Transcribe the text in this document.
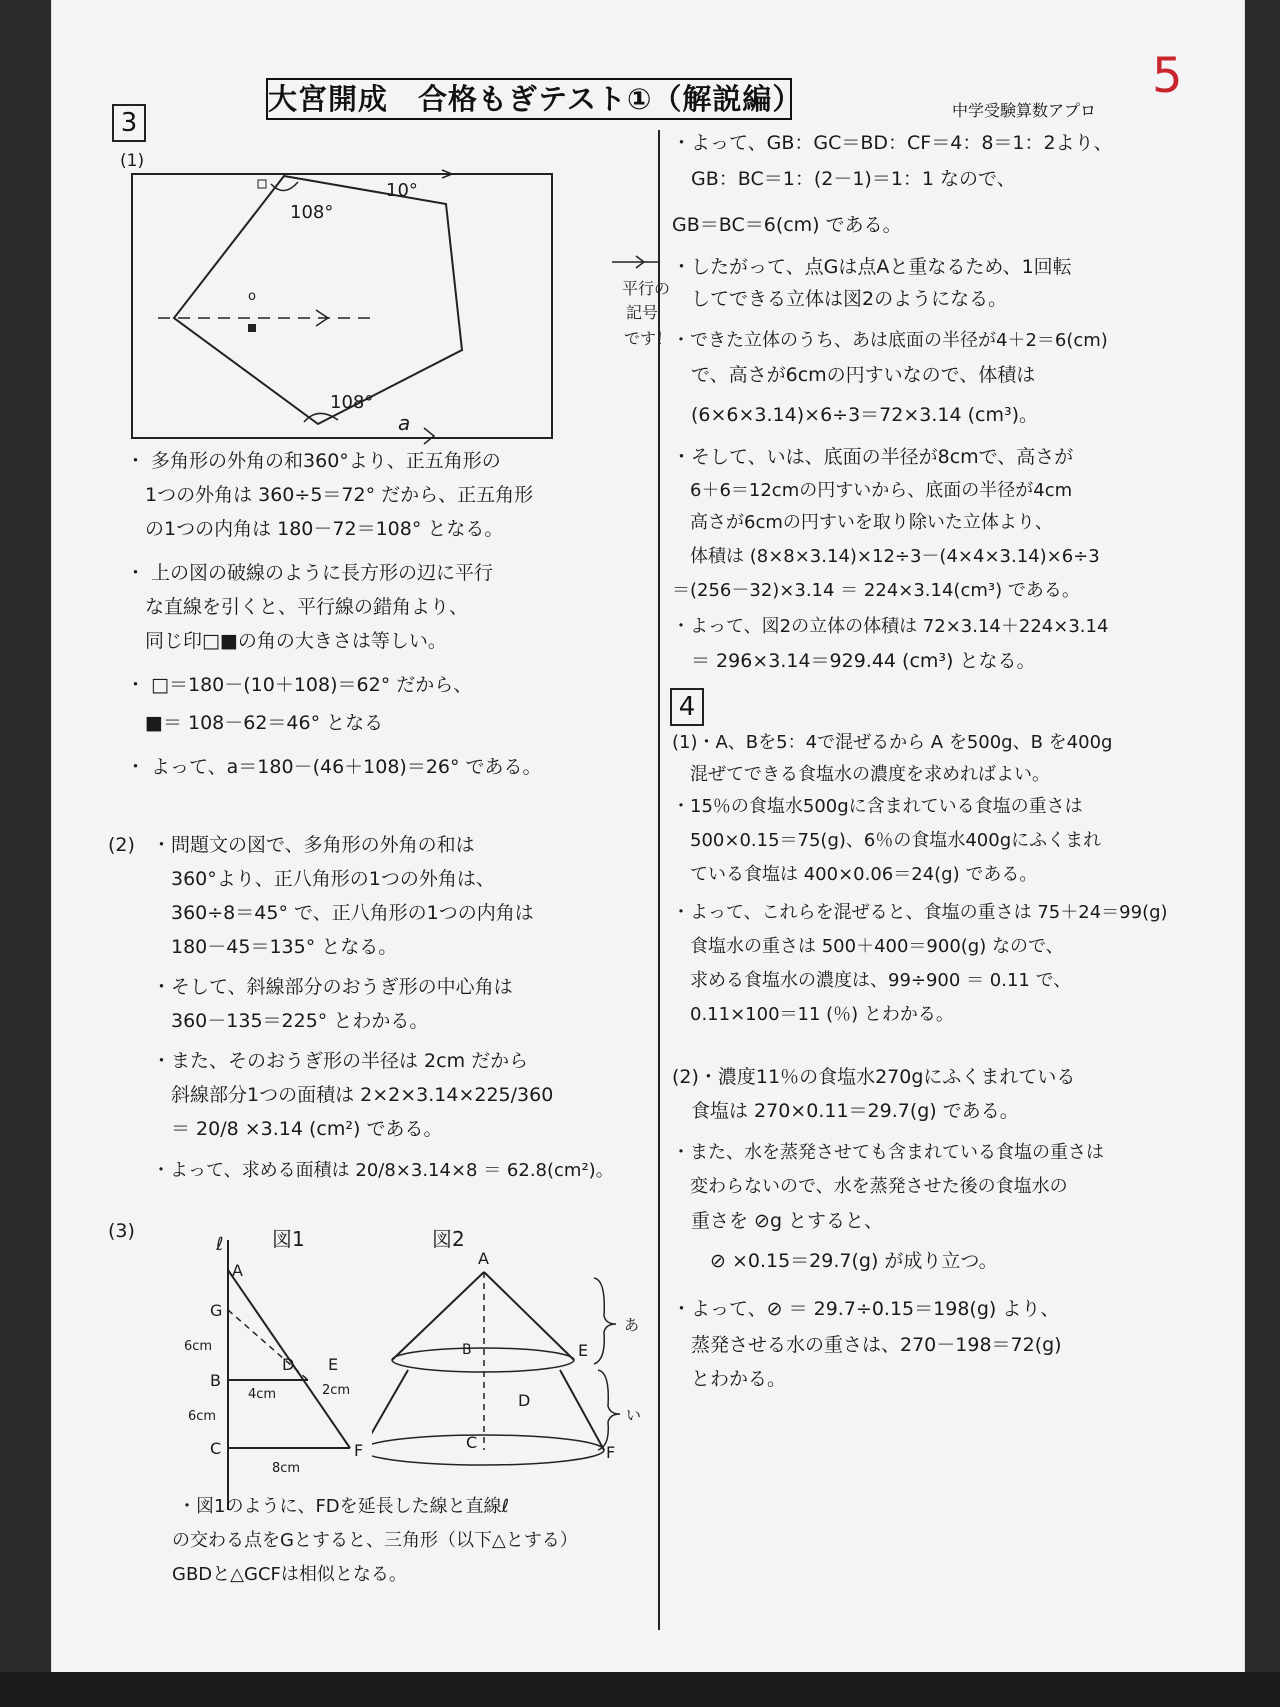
大宮開成　合格もぎテスト①（解説編）	中学受験算数アプロ
5
3
(1)
108°
10°
108°
a
o	平行の
記号
です！
・ 多角形の外角の和360°より、正五角形の
　1つの外角は 360÷5＝72° だから、正五角形
　の1つの内角は 180－72＝108° となる。
・ 上の図の破線のように長方形の辺に平行
　な直線を引くと、平行線の錯角より、
　同じ印□■の角の大きさは等しい。
・ □＝180－(10＋108)＝62° だから、
　■＝ 108－62＝46° となる
・ よって、a＝180－(46＋108)＝26° である。
(2) ・問題文の図で、多角形の外角の和は
　360°より、正八角形の1つの外角は、
　360÷8＝45° で、正八角形の1つの内角は
　180－45＝135° となる。
・そして、斜線部分のおうぎ形の中心角は
　360－135＝225° とわかる。
・また、そのおうぎ形の半径は 2cm だから
　斜線部分1つの面積は 2×2×3.14×225/360
　＝ 20/8 ×3.14 (cm²) である。
・よって、求める面積は 20/8×3.14×8 ＝ 62.8(cm²)。
(3)	図1
ℓ
A
G
B
C
D E
F
6cm
6cm
4cm	2cm
8cm
図2
A
E
B
D
C
F
あ
い
・図1のように、FDを延長した線と直線ℓ
の交わる点をGとすると、三角形（以下△とする）
GBDと△GCFは相似となる。
・よって、GB：GC＝BD：CF＝4：8＝1：2より、
　GB：BC＝1：(2－1)＝1：1 なので、
GB＝BC＝6(cm) である。
・したがって、点Gは点Aと重なるため、1回転
　してできる立体は図2のようになる。
・できた立体のうち、あは底面の半径が4＋2＝6(cm)
　で、高さが6cmの円すいなので、体積は
　(6×6×3.14)×6÷3＝72×3.14 (cm³)。
・そして、いは、底面の半径が8cmで、高さが
　6＋6＝12cmの円すいから、底面の半径が4cm
　高さが6cmの円すいを取り除いた立体より、
　体積は (8×8×3.14)×12÷3－(4×4×3.14)×6÷3
＝(256－32)×3.14 ＝ 224×3.14(cm³) である。
・よって、図2の立体の体積は 72×3.14＋224×3.14
　＝ 296×3.14＝929.44 (cm³) となる。
4
(1)・A、Bを5：4で混ぜるから A を500g、B を400g
　混ぜてできる食塩水の濃度を求めればよい。
・15％の食塩水500gに含まれている食塩の重さは
　500×0.15＝75(g)、6％の食塩水400gにふくまれ
　ている食塩は 400×0.06＝24(g) である。
・よって、これらを混ぜると、食塩の重さは 75＋24＝99(g)
　食塩水の重さは 500＋400＝900(g) なので、
　求める食塩水の濃度は、99÷900 ＝ 0.11 で、
　0.11×100＝11 (％) とわかる。
(2)・濃度11％の食塩水270gにふくまれている
　食塩は 270×0.11＝29.7(g) である。
・また、水を蒸発させても含まれている食塩の重さは
　変わらないので、水を蒸発させた後の食塩水の
　重さを ⊘g とすると、
　　⊘ ×0.15＝29.7(g) が成り立つ。
・よって、⊘ ＝ 29.7÷0.15＝198(g) より、
　蒸発させる水の重さは、270－198＝72(g)
　とわかる。
